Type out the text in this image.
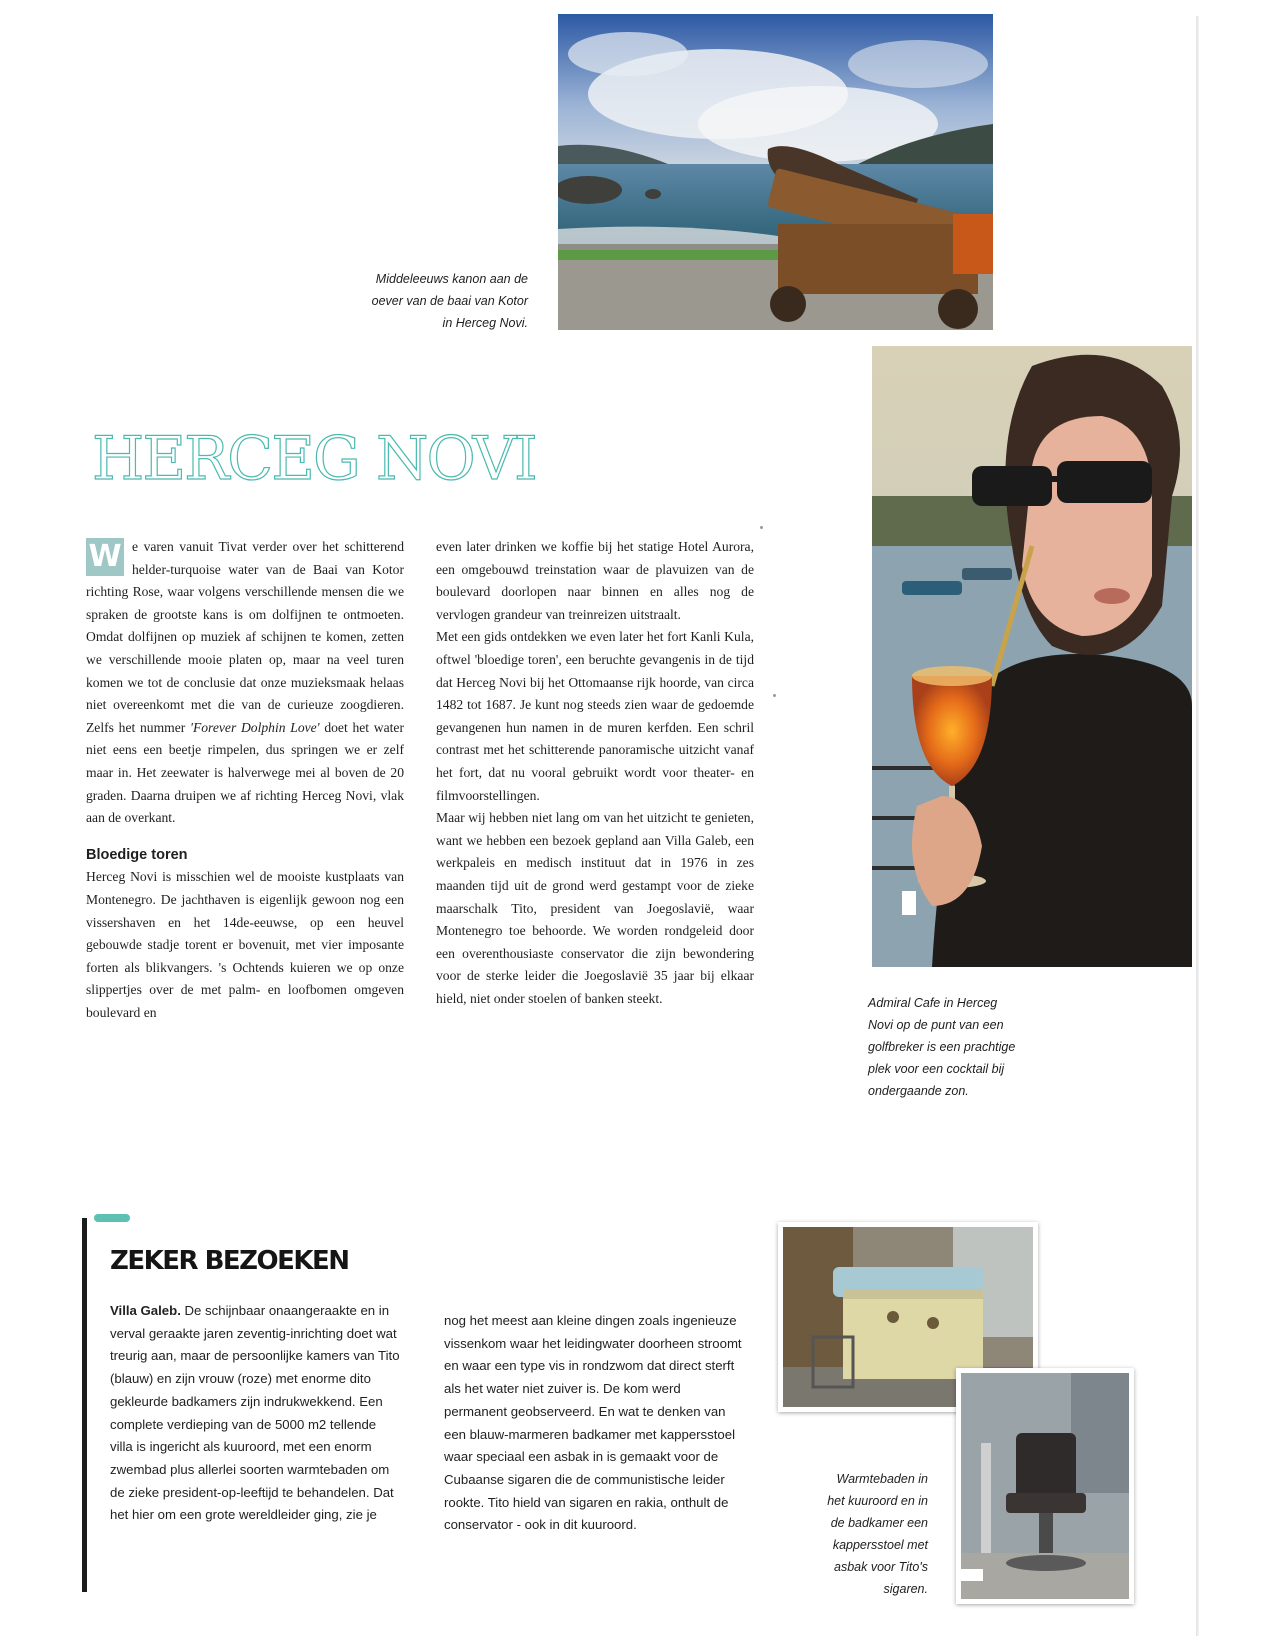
Middeleeuws kanon aan de
oever van de baai van Kotor
in Herceg Novi.
Admiral Cafe in Herceg
Novi op de punt van een
golfbreker is een prachtige
plek voor een cocktail bij
ondergaande zon.
HERCEG NOVI

W e varen vanuit Tivat verder over het schitterend helder-turquoise water van de Baai van Kotor richting Rose, waar volgens verschillende mensen die we spraken de grootste kans is om dolfijnen te ontmoeten. Omdat dolfijnen op muziek af schijnen te komen, zetten we verschillende mooie platen op, maar na veel turen komen we tot de conclusie dat onze muzieksmaak helaas niet overeenkomt met die van de curieuze zoogdieren. Zelfs het nummer 'Forever Dolphin Love' doet het water niet eens een beetje rimpelen, dus springen we er zelf maar in. Het zeewater is halverwege mei al boven de 20 graden. Daarna druipen we af richting Herceg Novi, vlak aan de overkant.

Bloedige toren

Herceg Novi is misschien wel de mooiste kustplaats van Montenegro. De jachthaven is eigenlijk gewoon nog een vissershaven en het 14de-eeuwse, op een heuvel gebouwde stadje torent er bovenuit, met vier imposante forten als blikvangers. 's Ochtends kuieren we op onze slippertjes over de met palm- en loofbomen omgeven boulevard en

even later drinken we koffie bij het statige Hotel Aurora, een omgebouwd treinstation waar de plavuizen van de boulevard doorlopen naar binnen en alles nog de vervlogen grandeur van treinreizen uitstraalt.

Met een gids ontdekken we even later het fort Kanli Kula, oftwel 'bloedige toren', een beruchte gevangenis in de tijd dat Herceg Novi bij het Ottomaanse rijk hoorde, van circa 1482 tot 1687. Je kunt nog steeds zien waar de gedoemde gevangenen hun namen in de muren kerfden. Een schril contrast met het schitterende panoramische uitzicht vanaf het fort, dat nu vooral gebruikt wordt voor theater- en filmvoorstellingen.

Maar wij hebben niet lang om van het uitzicht te genieten, want we hebben een bezoek gepland aan Villa Galeb, een werkpaleis en medisch instituut dat in 1976 in zes maanden tijd uit de grond werd gestampt voor de zieke maarschalk Tito, president van Joegoslavië, waar Montenegro toe behoorde. We worden rondgeleid door een overenthousiaste conservator die zijn bewondering voor de sterke leider die Joegoslavië 35 jaar bij elkaar hield, niet onder stoelen of banken steekt.

ZEKER BEZOEKEN

Villa Galeb. De schijnbaar onaangeraakte en in verval geraakte jaren zeventig-inrichting doet wat treurig aan, maar de persoonlijke kamers van Tito (blauw) en zijn vrouw (roze) met enorme dito gekleurde badkamers zijn indrukwekkend. Een complete verdieping van de 5000 m2 tellende villa is ingericht als kuuroord, met een enorm zwembad plus allerlei soorten warmtebaden om de zieke president-op-leeftijd te behandelen. Dat het hier om een grote wereldleider ging, zie je

nog het meest aan kleine dingen zoals ingenieuze vissenkom waar het leidingwater doorheen stroomt en waar een type vis in rondzwom dat direct sterft als het water niet zuiver is. De kom werd permanent geobserveerd. En wat te denken van een blauw-marmeren badkamer met kappersstoel waar speciaal een asbak in is gemaakt voor de Cubaanse sigaren die de communistische leider rookte. Tito hield van sigaren en rakia, onthult de conservator - ook in dit kuuroord.

Warmtebaden in
het kuuroord en in
de badkamer een
kappersstoel met
asbak voor Tito's
sigaren.
